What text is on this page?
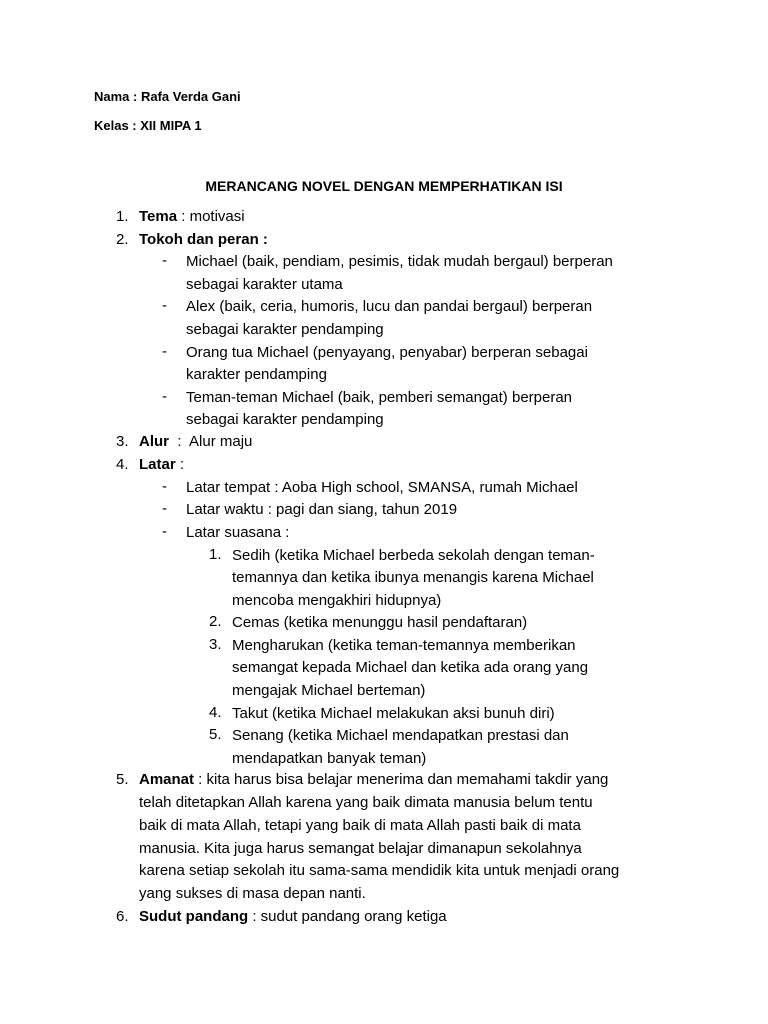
Nama : Rafa Verda Gani
Kelas : XII MIPA 1
MERANCANG NOVEL DENGAN MEMPERHATIKAN ISI
1. Tema : motivasi
2. Tokoh dan peran :
- Michael (baik, pendiam, pesimis, tidak mudah bergaul) berperan
sebagai karakter utama
- Alex (baik, ceria, humoris, lucu dan pandai bergaul) berperan
sebagai karakter pendamping
- Orang tua Michael (penyayang, penyabar) berperan sebagai
karakter pendamping
- Teman-teman Michael (baik, pemberi semangat) berperan
sebagai karakter pendamping
3. Alur  :  Alur maju
4. Latar :
- Latar tempat : Aoba High school, SMANSA, rumah Michael
- Latar waktu : pagi dan siang, tahun 2019
- Latar suasana :
1. Sedih (ketika Michael berbeda sekolah dengan teman-
temannya dan ketika ibunya menangis karena Michael
mencoba mengakhiri hidupnya)
2. Cemas (ketika menunggu hasil pendaftaran)
3. Mengharukan (ketika teman-temannya memberikan
semangat kepada Michael dan ketika ada orang yang
mengajak Michael berteman)
4. Takut (ketika Michael melakukan aksi bunuh diri)
5. Senang (ketika Michael mendapatkan prestasi dan
mendapatkan banyak teman)
5. Amanat : kita harus bisa belajar menerima dan memahami takdir yang
telah ditetapkan Allah karena yang baik dimata manusia belum tentu
baik di mata Allah, tetapi yang baik di mata Allah pasti baik di mata
manusia. Kita juga harus semangat belajar dimanapun sekolahnya
karena setiap sekolah itu sama-sama mendidik kita untuk menjadi orang
yang sukses di masa depan nanti.
6. Sudut pandang : sudut pandang orang ketiga
